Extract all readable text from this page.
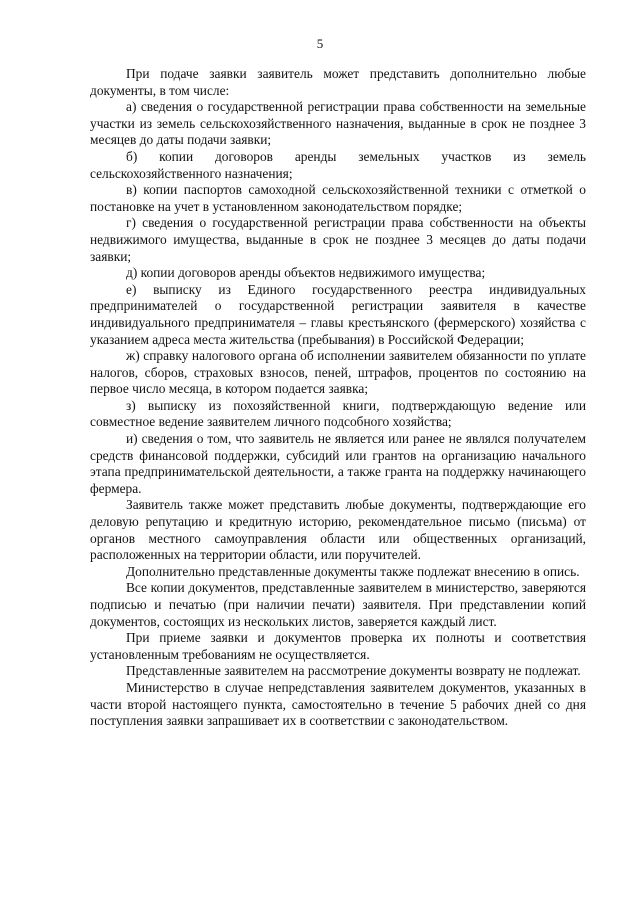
5

При подаче заявки заявитель может представить дополнительно любые документы, в том числе:

а) сведения о государственной регистрации права собственности на земельные участки из земель сельскохозяйственного назначения, выданные в срок не позднее 3 месяцев до даты подачи заявки;

б) копии договоров аренды земельных участков из земель сельскохозяйственного назначения;

в) копии паспортов самоходной сельскохозяйственной техники с отметкой о постановке на учет в установленном законодательством порядке;

г) сведения о государственной регистрации права собственности на объекты недвижимого имущества, выданные в срок не позднее 3 месяцев до даты подачи заявки;

д) копии договоров аренды объектов недвижимого имущества;

е) выписку из Единого государственного реестра индивидуальных предпринимателей о государственной регистрации заявителя в качестве индивидуального предпринимателя – главы крестьянского (фермерского) хозяйства с указанием адреса места жительства (пребывания) в Российской Федерации;

ж) справку налогового органа об исполнении заявителем обязанности по уплате налогов, сборов, страховых взносов, пеней, штрафов, процентов по состоянию на первое число месяца, в котором подается заявка;

з) выписку из похозяйственной книги, подтверждающую ведение или совместное ведение заявителем личного подсобного хозяйства;

и) сведения о том, что заявитель не является или ранее не являлся получателем средств финансовой поддержки, субсидий или грантов на организацию начального этапа предпринимательской деятельности, а также гранта на поддержку начинающего фермера.

Заявитель также может представить любые документы, подтверждающие его деловую репутацию и кредитную историю, рекомендательное письмо (письма) от органов местного самоуправления области или общественных организаций, расположенных на территории области, или поручителей.

Дополнительно представленные документы также подлежат внесению в опись.

Все копии документов, представленные заявителем в министерство, заверяются подписью и печатью (при наличии печати) заявителя. При представлении копий документов, состоящих из нескольких листов, заверяется каждый лист.

При приеме заявки и документов проверка их полноты и соответствия установленным требованиям не осуществляется.

Представленные заявителем на рассмотрение документы возврату не подлежат.

Министерство в случае непредставления заявителем документов, указанных в части второй настоящего пункта, самостоятельно в течение 5 рабочих дней со дня поступления заявки запрашивает их в соответствии с законодательством.
